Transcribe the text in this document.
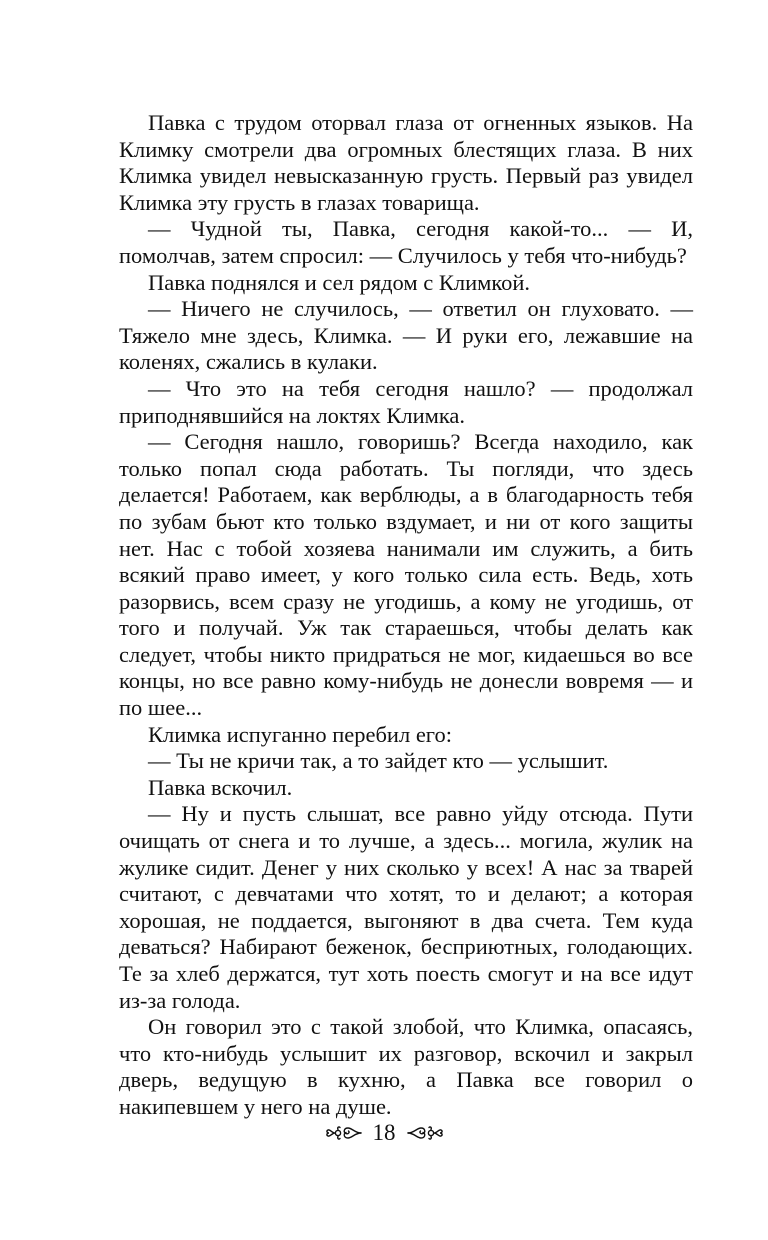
Павка с трудом оторвал глаза от огненных языков. На Климку смотрели два огромных блестящих глаза. В них Климка увидел невысказанную грусть. Первый раз увидел Климка эту грусть в глазах товарища.

— Чудной ты, Павка, сегодня какой-то... — И, помолчав, затем спросил: — Случилось у тебя что-нибудь?

Павка поднялся и сел рядом с Климкой.

— Ничего не случилось, — ответил он глуховато. — Тяжело мне здесь, Климка. — И руки его, лежавшие на коленях, сжались в кулаки.

— Что это на тебя сегодня нашло? — продолжал приподнявшийся на локтях Климка.

— Сегодня нашло, говоришь? Всегда находило, как только попал сюда работать. Ты погляди, что здесь делается! Работаем, как верблюды, а в благодарность тебя по зубам бьют кто только вздумает, и ни от кого защиты нет. Нас с тобой хозяева нанимали им служить, а бить всякий право имеет, у кого только сила есть. Ведь, хоть разорвись, всем сразу не угодишь, а кому не угодишь, от того и получай. Уж так стараешься, чтобы делать как следует, чтобы никто придраться не мог, кидаешься во все концы, но все равно кому-нибудь не донесли вовремя — и по шее...

Климка испуганно перебил его:

— Ты не кричи так, а то зайдет кто — услышит.

Павка вскочил.

— Ну и пусть слышат, все равно уйду отсюда. Пути очищать от снега и то лучше, а здесь... могила, жулик на жулике сидит. Денег у них сколько у всех! А нас за тварей считают, с девчатами что хотят, то и делают; а которая хорошая, не поддается, выгоняют в два счета. Тем куда деваться? Набирают беженок, бесприютных, голодающих. Те за хлеб держатся, тут хоть поесть смогут и на все идут из-за голода.

Он говорил это с такой злобой, что Климка, опасаясь, что кто-нибудь услышит их разговор, вскочил и закрыл дверь, ведущую в кухню, а Павка все говорил о накипевшем у него на душе.

18
